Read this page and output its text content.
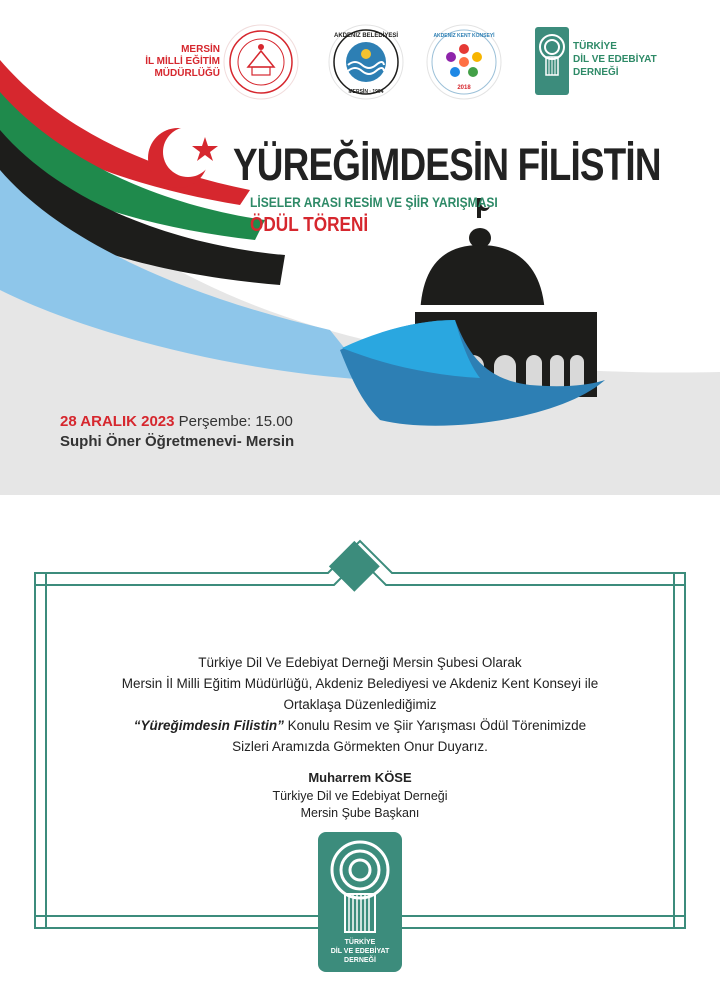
MERSİN
İL MİLLİ EĞİTİM
MÜDÜRLÜĞÜ
AKDENİZ BELEDİYESİ
MERSİN · 1994
AKDENİZ KENT KONSEYİ
2018
TÜRKİYE
DİL VE EDEBİYAT
DERNEĞİ
YÜREĞİMDESİN FİLİSTİN
LİSELER ARASI RESİM VE ŞİİR YARIŞMASI
ÖDÜL TÖRENİ
28 ARALIK 2023 Perşembe: 15.00
Suphi Öner Öğretmenevi- Mersin
Türkiye Dil Ve Edebiyat Derneği Mersin Şubesi Olarak
Mersin İl Milli Eğitim Müdürlüğü, Akdeniz Belediyesi ve Akdeniz Kent Konseyi ile
Ortaklaşa Düzenlediğimiz
“Yüreğimdesin Filistin” Konulu Resim ve Şiir Yarışması Ödül Törenimizde
Sizleri Aramızda Görmekten Onur Duyarız.
Muharrem KÖSE
Türkiye Dil ve Edebiyat Derneği
Mersin Şube Başkanı
TÜRKİYE
DİL VE EDEBİYAT
DERNEĞİ
